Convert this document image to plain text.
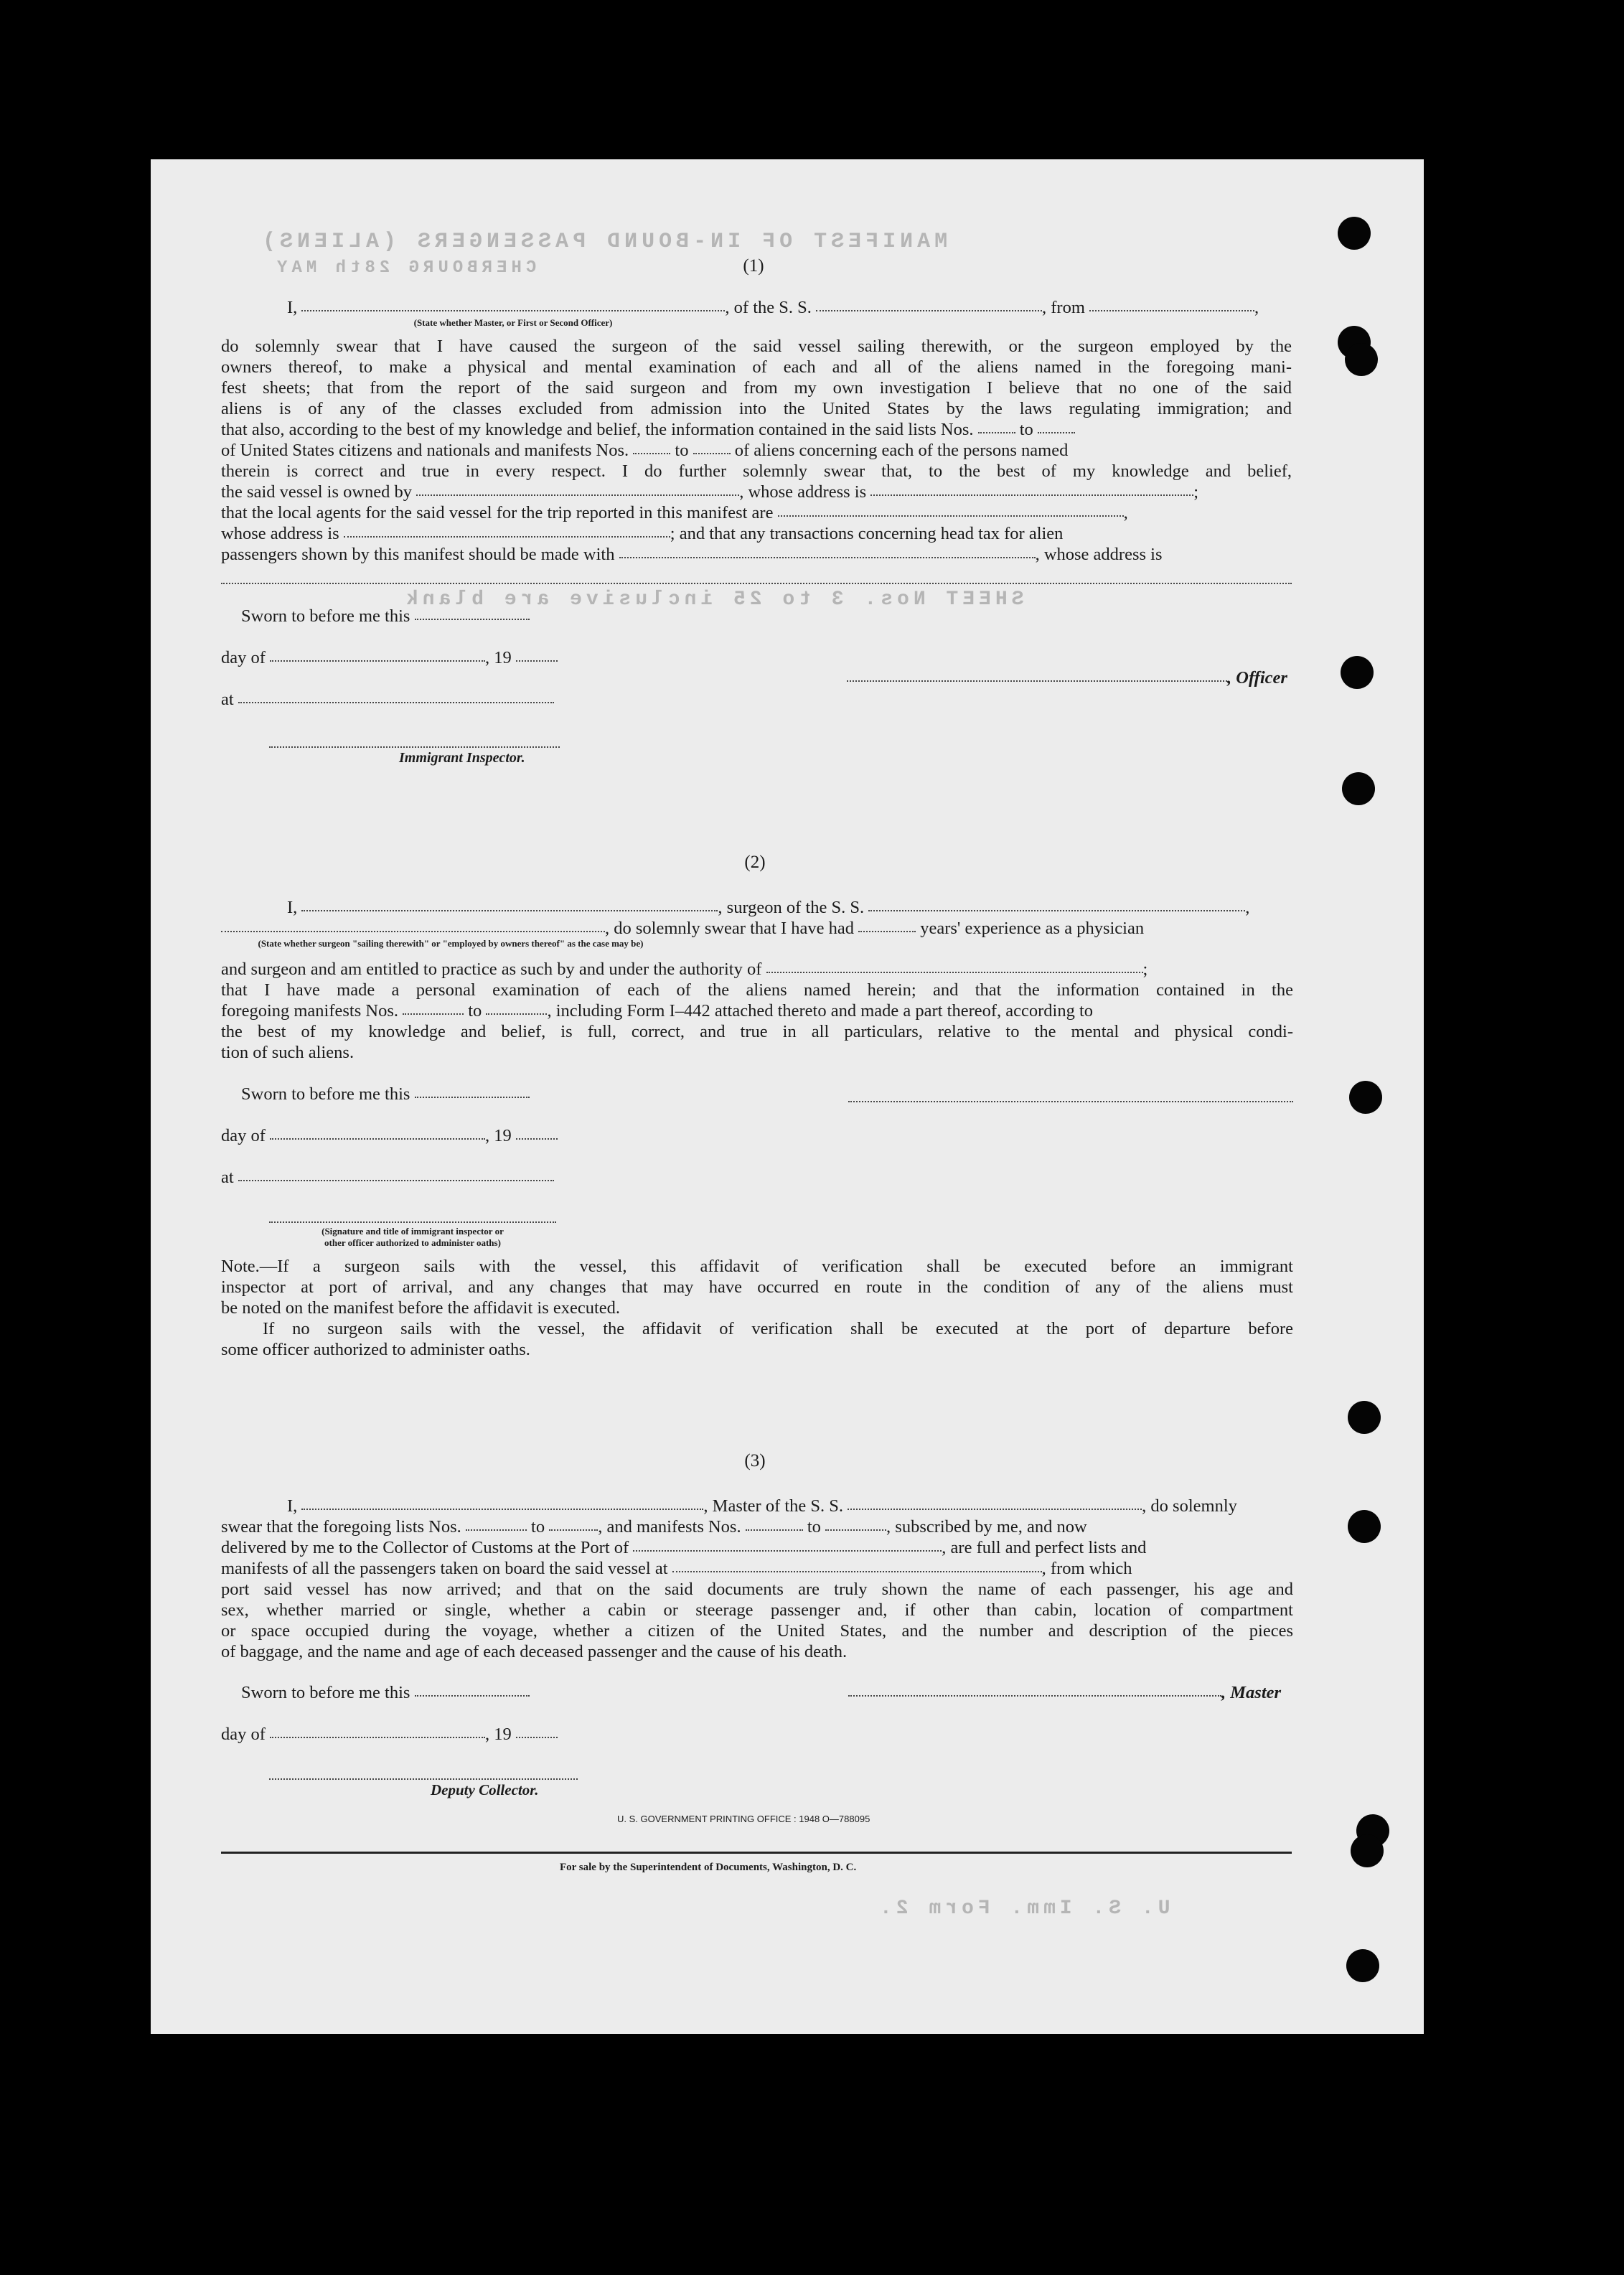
MANIFEST OF IN-BOUND PASSENGERS (ALIENS)
CHERBOURG 28th MAY
SHEET Nos. 3 to 25 inclusive are blank
U. S. Imm. Form 2.
(1)
I,	, of the S. S.	, from	,
(State whether Master, or First or Second Officer)
do solemnly swear that I have caused the surgeon of the said vessel sailing therewith, or the surgeon employed by the
owners thereof, to make a physical and mental examination of each and all of the aliens named in the foregoing mani-
fest sheets; that from the report of the said surgeon and from my own investigation I believe that no one of the said
aliens is of any of the classes excluded from admission into the United States by the laws regulating immigration; and
that also, according to the best of my knowledge and belief, the information contained in the said lists Nos.	to
of United States citizens and nationals and manifests Nos.	to	of aliens concerning each of the persons named
therein is correct and true in every respect. I do further solemnly swear that, to the best of my knowledge and belief,
the said vessel is owned by	, whose address is	;
that the local agents for the said vessel for the trip reported in this manifest are	,
whose address is	; and that any transactions concerning head tax for alien
passengers shown by this manifest should be made with	, whose address is
Sworn to before me this
day of	, 19
, Officer
at
Immigrant Inspector.
(2)
I,	, surgeon of the S. S.	,
, do solemnly swear that I have had	years' experience as a physician
(State whether surgeon "sailing therewith" or "employed by owners thereof" as the case may be)
and surgeon and am entitled to practice as such by and under the authority of	;
that I have made a personal examination of each of the aliens named herein; and that the information contained in the
foregoing manifests Nos.	to	, including Form I–442 attached thereto and made a part thereof, according to
the best of my knowledge and belief, is full, correct, and true in all particulars, relative to the mental and physical condi-
tion of such aliens.
Sworn to before me this
day of	, 19
at
(Signature and title of immigrant inspector or
other officer authorized to administer oaths)
Note.—If a surgeon sails with the vessel, this affidavit of verification shall be executed before an immigrant
inspector at port of arrival, and any changes that may have occurred en route in the condition of any of the aliens must
be noted on the manifest before the affidavit is executed.
If no surgeon sails with the vessel, the affidavit of verification shall be executed at the port of departure before
some officer authorized to administer oaths.
(3)
I,	, Master of the S. S.	, do solemnly
swear that the foregoing lists Nos.	to	, and manifests Nos.	to	, subscribed by me, and now
delivered by me to the Collector of Customs at the Port of	, are full and perfect lists and
manifests of all the passengers taken on board the said vessel at	, from which
port said vessel has now arrived; and that on the said documents are truly shown the name of each passenger, his age and
sex, whether married or single, whether a cabin or steerage passenger and, if other than cabin, location of compartment
or space occupied during the voyage, whether a citizen of the United States, and the number and description of the pieces
of baggage, and the name and age of each deceased passenger and the cause of his death.
Sworn to before me this	, Master
day of	, 19
Deputy Collector.
U. S. GOVERNMENT PRINTING OFFICE : 1948 O—788095
For sale by the Superintendent of Documents, Washington, D. C.
